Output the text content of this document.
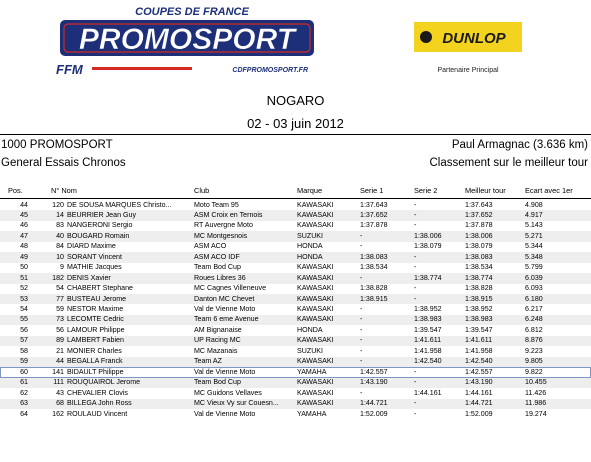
COUPES DE FRANCE
PROMOSPORT
FFM	CDFPROMOSPORT.FR
DUNLOP
Partenaire Principal
NOGARO
02 - 03 juin 2012
1000 PROMOSPORT	Paul Armagnac (3.636 km)
General Essais Chronos	Classement sur le meilleur tour
Pos.	N° Nom	Club	Marque	Serie 1	Serie 2	Meilleur tour	Ecart avec 1er
44	120 DE SOUSA MARQUES Christo...	Moto Team 95	KAWASAKI	1:37.643	-	1:37.643	4.908
45	14 BEURRIER Jean Guy	ASM Croix en Ternois	KAWASAKI	1:37.652	-	1:37.652	4.917
46	83 NANGERONI Sergio	RT Auvergne Moto	KAWASAKI	1:37.878	-	1:37.878	5.143
47	40 BOUGARD Romain	MC Montgesnois	SUZUKI	-	1:38.006	1:38.006	5.271
48	84 DIARD Maxime	ASM ACO	HONDA	-	1:38.079	1:38.079	5.344
49	10 SORANT Vincent	ASM ACO IDF	HONDA	1:38.083	-	1:38.083	5.348
50	9 MATHIE Jacques	Team Bod Cup	KAWASAKI	1:38.534	-	1:38.534	5.799
51	182 DENIS Xavier	Roues Libres 36	KAWASAKI	-	1:38.774	1:38.774	6.039
52	54 CHABERT Stephane	MC Cagnes Villeneuve	KAWASAKI	1:38.828	-	1:38.828	6.093
53	77 BUSTEAU Jerome	Danton MC Chevet	KAWASAKI	1:38.915	-	1:38.915	6.180
54	59 NESTOR Maxime	Val de Vienne Moto	KAWASAKI	-	1:38.952	1:38.952	6.217
55	73 LECOMTE Cedric	Team 6 eme Avenue	KAWASAKI	-	1:38.983	1:38.983	6.248
56	56 LAMOUR Philippe	AM Bignanaise	HONDA	-	1:39.547	1:39.547	6.812
57	89 LAMBERT Fabien	UP Racing MC	KAWASAKI	-	1:41.611	1:41.611	8.876
58	21 MONIER Charles	MC Mazanais	SUZUKI	-	1:41.958	1:41.958	9.223
59	44 BEGALLA Franck	Team AZ	KAWASAKI	-	1:42.540	1:42.540	9.805
60	141 BIDAULT Philippe	Val de Vienne Moto	YAMAHA	1:42.557	-	1:42.557	9.822
61	111 ROUQUAIROL Jerome	Team Bod Cup	KAWASAKI	1:43.190	-	1:43.190	10.455
62	43 CHEVALIER Clovis	MC Guidons Vellaves	KAWASAKI	-	1:44.161	1:44.161	11.426
63	68 BILLEGA John Ross	MC Vieux Vy sur Couesn...	KAWASAKI	1:44.721	-	1:44.721	11.986
64	162 ROULAUD Vincent	Val de Vienne Moto	YAMAHA	1:52.009	-	1:52.009	19.274
